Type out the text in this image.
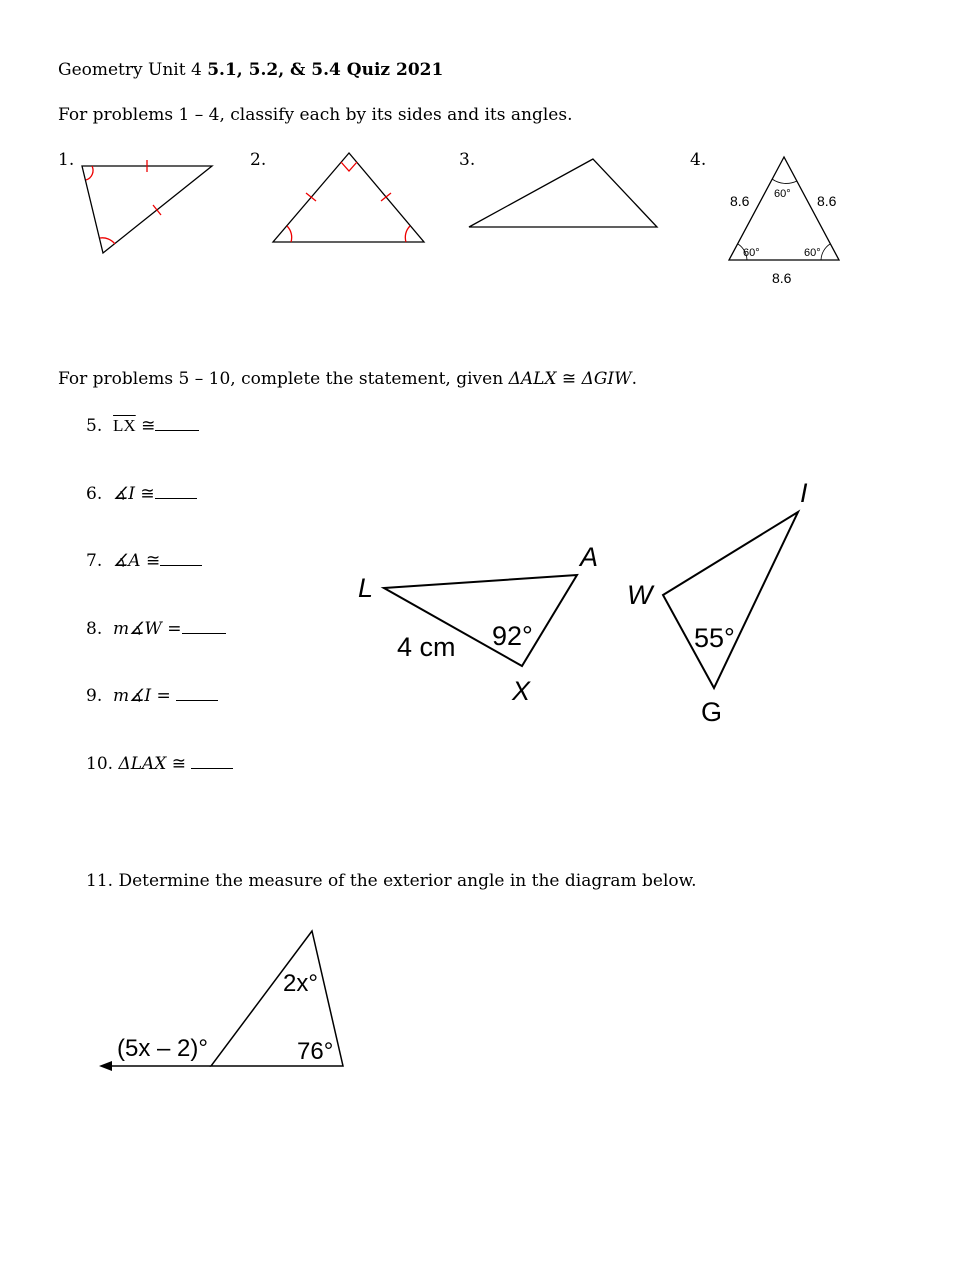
Geometry Unit 4 5.1, 5.2, & 5.4 Quiz 2021
For problems 1 – 4, classify each by its sides and its angles.
1.	2.	3.	4.
8.6	8.6
8.6
60°
60°	60°
For problems 5 – 10, complete the statement, given ΔALX ≅ ΔGIW.
5. $\overline{LX}$ ≅
6. ∡I ≅
7. ∡A ≅
8. m∡W =
9. m∡I =
10. ΔLAX ≅
L
A
X
W
I
G
4 cm 92°	55°
11. Determine the measure of the exterior angle in the diagram below.
2x°
76°
(5x – 2)°
